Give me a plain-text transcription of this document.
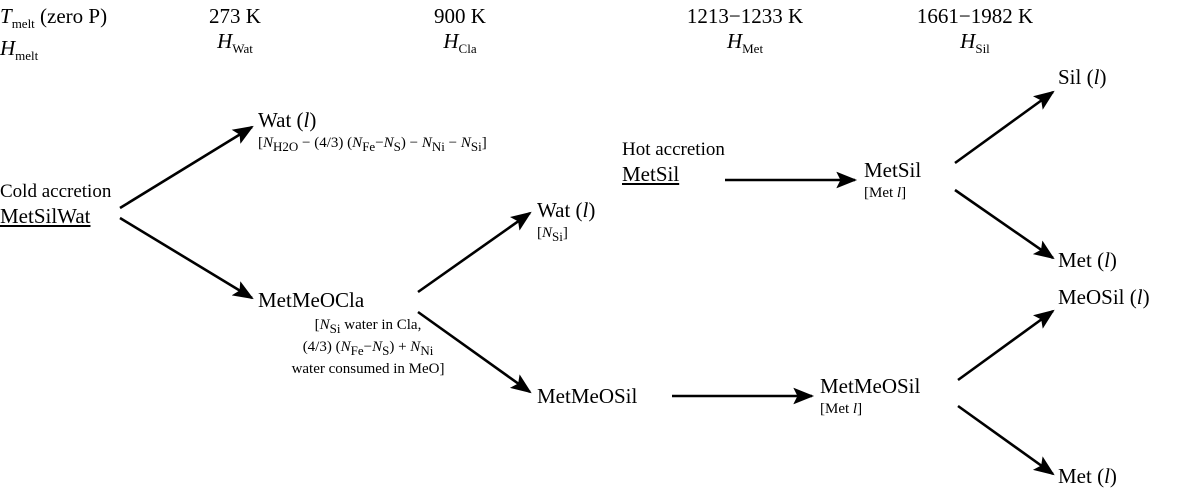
$T_{melt}$ (zero P)
$H_{melt}$
273 K
$H_{Wat}$
900 K
$H_{Cla}$
1213−1233 K
$H_{Met}$
1661−1982 K
$H_{Sil}$
Cold accretion
MetSilWat
Wat (l)
[NH2O − (4/3) (NFe−NS) − NNi − NSi]
MetMeOCla
[NSi water in Cla,
(4/3) (NFe−NS) + NNi
water consumed in MeO]
Wat (l)
[NSi]
MetMeOSil
Hot accretion
MetSil	MetSil
[Met l]
MetMeOSil
[Met l]
Sil (l)
Met (l)
MeOSil (l)
Met (l)
